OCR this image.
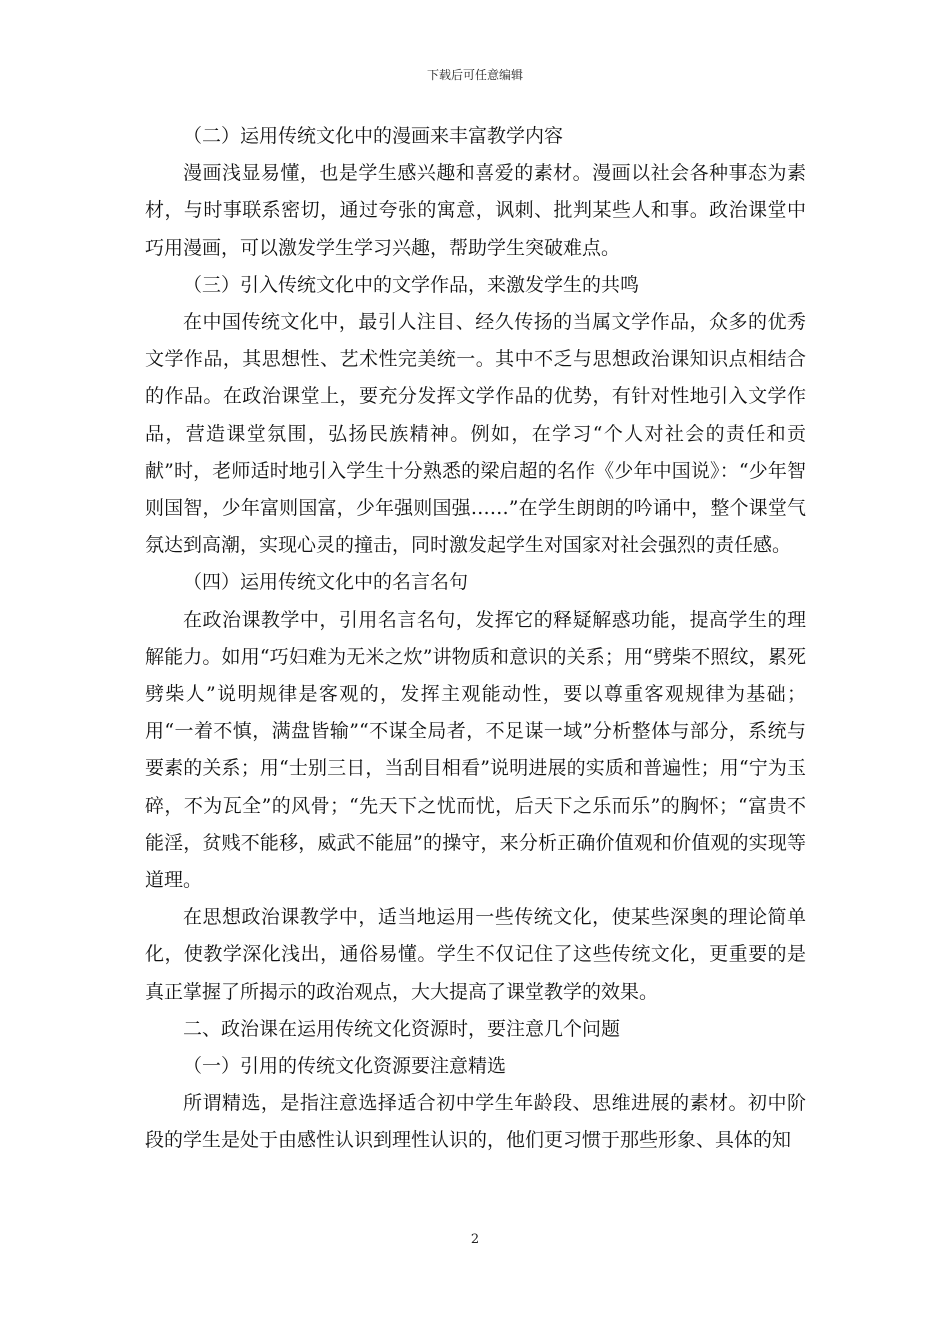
下载后可任意编辑

（二）运用传统文化中的漫画来丰富教学内容

漫画浅显易懂，也是学生感兴趣和喜爱的素材。漫画以社会各种事态为素材，与时事联系密切，通过夸张的寓意，讽刺、批判某些人和事。政治课堂中巧用漫画，可以激发学生学习兴趣，帮助学生突破难点。

（三）引入传统文化中的文学作品，来激发学生的共鸣

在中国传统文化中，最引人注目、经久传扬的当属文学作品，众多的优秀文学作品，其思想性、艺术性完美统一。其中不乏与思想政治课知识点相结合的作品。在政治课堂上，要充分发挥文学作品的优势，有针对性地引入文学作品，营造课堂氛围，弘扬民族精神。例如，在学习“个人对社会的责任和贡献”时，老师适时地引入学生十分熟悉的梁启超的名作《少年中国说》：“少年智则国智，少年富则国富，少年强则国强……”在学生朗朗的吟诵中，整个课堂气氛达到高潮，实现心灵的撞击，同时激发起学生对国家对社会强烈的责任感。

（四）运用传统文化中的名言名句

在政治课教学中，引用名言名句，发挥它的释疑解惑功能，提高学生的理解能力。如用“巧妇难为无米之炊”讲物质和意识的关系；用“劈柴不照纹，累死劈柴人”说明规律是客观的，发挥主观能动性，要以尊重客观规律为基础；用“一着不慎，满盘皆输”“不谋全局者，不足谋一域”分析整体与部分，系统与要素的关系；用“士别三日，当刮目相看”说明进展的实质和普遍性；用“宁为玉碎，不为瓦全”的风骨；“先天下之忧而忧，后天下之乐而乐”的胸怀；“富贵不能淫，贫贱不能移，威武不能屈”的操守，来分析正确价值观和价值观的实现等道理。

在思想政治课教学中，适当地运用一些传统文化，使某些深奥的理论简单化，使教学深化浅出，通俗易懂。学生不仅记住了这些传统文化，更重要的是真正掌握了所揭示的政治观点，大大提高了课堂教学的效果。

二、政治课在运用传统文化资源时，要注意几个问题

（一）引用的传统文化资源要注意精选

所谓精选，是指注意选择适合初中学生年龄段、思维进展的素材。初中阶段的学生是处于由感性认识到理性认识的，他们更习惯于那些形象、具体的知

2
